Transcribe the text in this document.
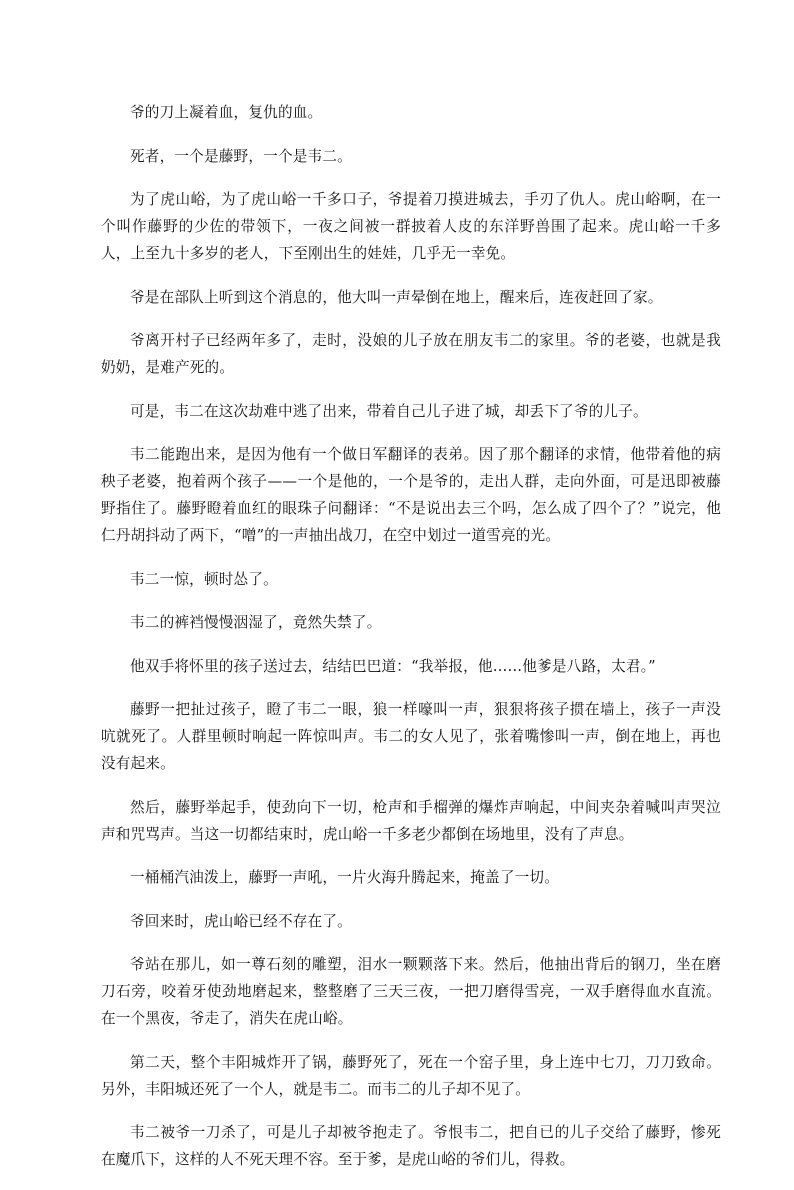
爷的刀上凝着血，复仇的血。

死者，一个是藤野，一个是韦二。

为了虎山峪，为了虎山峪一千多口子，爷提着刀摸进城去，手刃了仇人。虎山峪啊，在一个叫作藤野的少佐的带领下，一夜之间被一群披着人皮的东洋野兽围了起来。虎山峪一千多人，上至九十多岁的老人，下至刚出生的娃娃，几乎无一幸免。

爷是在部队上听到这个消息的，他大叫一声晕倒在地上，醒来后，连夜赶回了家。

爷离开村子已经两年多了，走时，没娘的儿子放在朋友韦二的家里。爷的老婆，也就是我奶奶，是难产死的。

可是，韦二在这次劫难中逃了出来，带着自己儿子进了城，却丢下了爷的儿子。

韦二能跑出来，是因为他有一个做日军翻译的表弟。因了那个翻译的求情，他带着他的病秧子老婆，抱着两个孩子——一个是他的，一个是爷的，走出人群，走向外面，可是迅即被藤野指住了。藤野瞪着血红的眼珠子问翻译：“不是说出去三个吗，怎么成了四个了？”说完，他仁丹胡抖动了两下，“噌”的一声抽出战刀，在空中划过一道雪亮的光。

韦二一惊，顿时怂了。

韦二的裤裆慢慢洇湿了，竟然失禁了。

他双手将怀里的孩子送过去，结结巴巴道：“我举报，他……他爹是八路，太君。”

藤野一把扯过孩子，瞪了韦二一眼，狼一样嚎叫一声，狠狠将孩子掼在墙上，孩子一声没吭就死了。人群里顿时响起一阵惊叫声。韦二的女人见了，张着嘴惨叫一声，倒在地上，再也没有起来。

然后，藤野举起手，使劲向下一切，枪声和手榴弹的爆炸声响起，中间夹杂着喊叫声哭泣声和咒骂声。当这一切都结束时，虎山峪一千多老少都倒在场地里，没有了声息。

一桶桶汽油泼上，藤野一声吼，一片火海升腾起来，掩盖了一切。

爷回来时，虎山峪已经不存在了。

爷站在那儿，如一尊石刻的雕塑，泪水一颗颗落下来。然后，他抽出背后的钢刀，坐在磨刀石旁，咬着牙使劲地磨起来，整整磨了三天三夜，一把刀磨得雪亮，一双手磨得血水直流。在一个黑夜，爷走了，消失在虎山峪。

第二天，整个丰阳城炸开了锅，藤野死了，死在一个窑子里，身上连中七刀，刀刀致命。另外，丰阳城还死了一个人，就是韦二。而韦二的儿子却不见了。

韦二被爷一刀杀了，可是儿子却被爷抱走了。爷恨韦二，把自已的儿子交给了藤野，惨死在魔爪下，这样的人不死天理不容。至于爹，是虎山峪的爷们儿，得救。
